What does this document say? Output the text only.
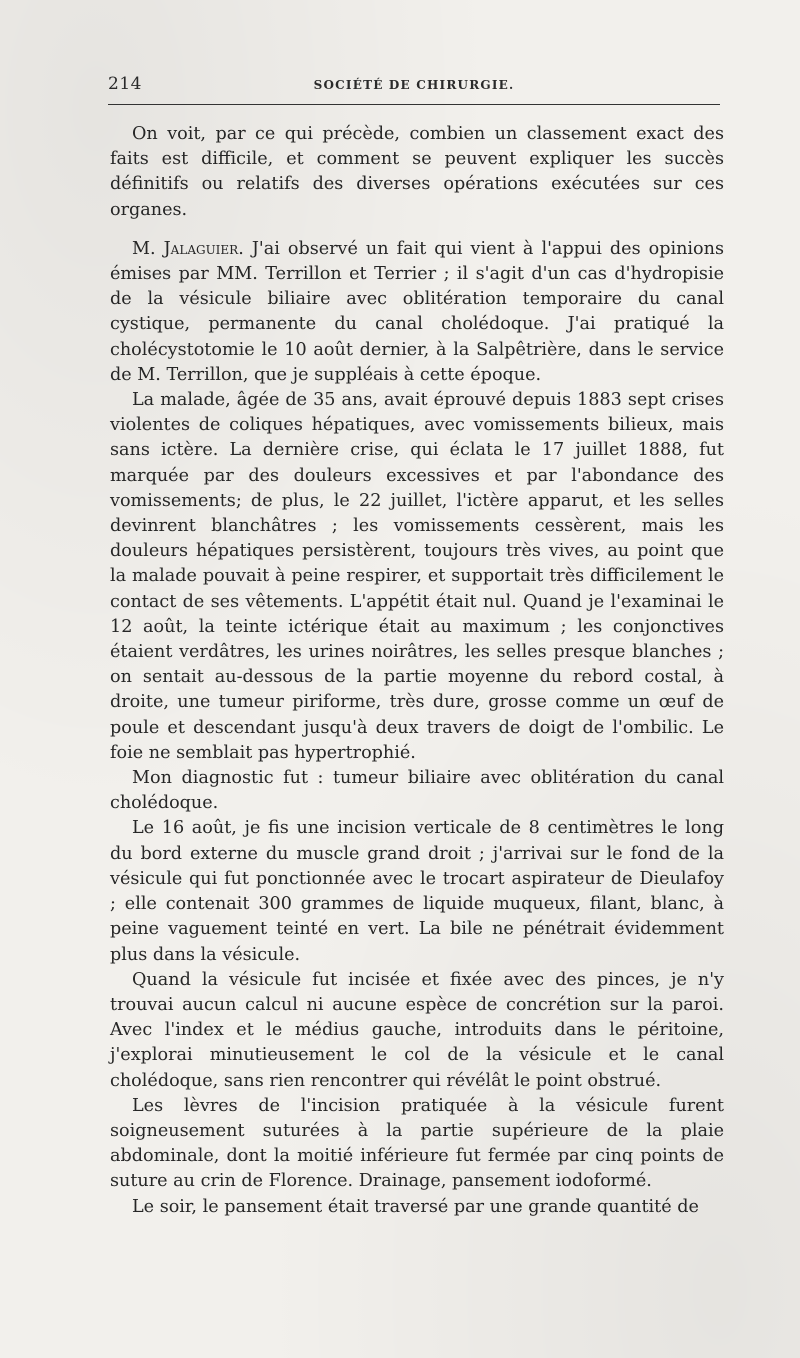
214	SOCIÉTÉ DE CHIRURGIE.

On voit, par ce qui précède, combien un classement exact des faits est difficile, et comment se peuvent expliquer les succès définitifs ou relatifs des diverses opérations exécutées sur ces organes.

M. Jalaguier. J'ai observé un fait qui vient à l'appui des opinions émises par MM. Terrillon et Terrier ; il s'agit d'un cas d'hydropisie de la vésicule biliaire avec oblitération temporaire du canal cystique, permanente du canal cholédoque. J'ai pratiqué la cholécystotomie le 10 août dernier, à la Salpêtrière, dans le service de M. Terrillon, que je suppléais à cette époque.

La malade, âgée de 35 ans, avait éprouvé depuis 1883 sept crises violentes de coliques hépatiques, avec vomissements bilieux, mais sans ictère. La dernière crise, qui éclata le 17 juillet 1888, fut marquée par des douleurs excessives et par l'abondance des vomissements; de plus, le 22 juillet, l'ictère apparut, et les selles devinrent blanchâtres ; les vomissements cessèrent, mais les douleurs hépatiques persistèrent, toujours très vives, au point que la malade pouvait à peine respirer, et supportait très difficilement le contact de ses vêtements. L'appétit était nul. Quand je l'examinai le 12 août, la teinte ictérique était au maximum ; les conjonctives étaient verdâtres, les urines noirâtres, les selles presque blanches ; on sentait au-dessous de la partie moyenne du rebord costal, à droite, une tumeur piriforme, très dure, grosse comme un œuf de poule et descendant jusqu'à deux travers de doigt de l'ombilic. Le foie ne semblait pas hypertrophié.

Mon diagnostic fut : tumeur biliaire avec oblitération du canal cholédoque.

Le 16 août, je fis une incision verticale de 8 centimètres le long du bord externe du muscle grand droit ; j'arrivai sur le fond de la vésicule qui fut ponctionnée avec le trocart aspirateur de Dieulafoy ; elle contenait 300 grammes de liquide muqueux, filant, blanc, à peine vaguement teinté en vert. La bile ne pénétrait évidemment plus dans la vésicule.

Quand la vésicule fut incisée et fixée avec des pinces, je n'y trouvai aucun calcul ni aucune espèce de concrétion sur la paroi. Avec l'index et le médius gauche, introduits dans le péritoine, j'explorai minutieusement le col de la vésicule et le canal cholédoque, sans rien rencontrer qui révélât le point obstrué.

Les lèvres de l'incision pratiquée à la vésicule furent soigneusement suturées à la partie supérieure de la plaie abdominale, dont la moitié inférieure fut fermée par cinq points de suture au crin de Florence. Drainage, pansement iodoformé.

Le soir, le pansement était traversé par une grande quantité de
